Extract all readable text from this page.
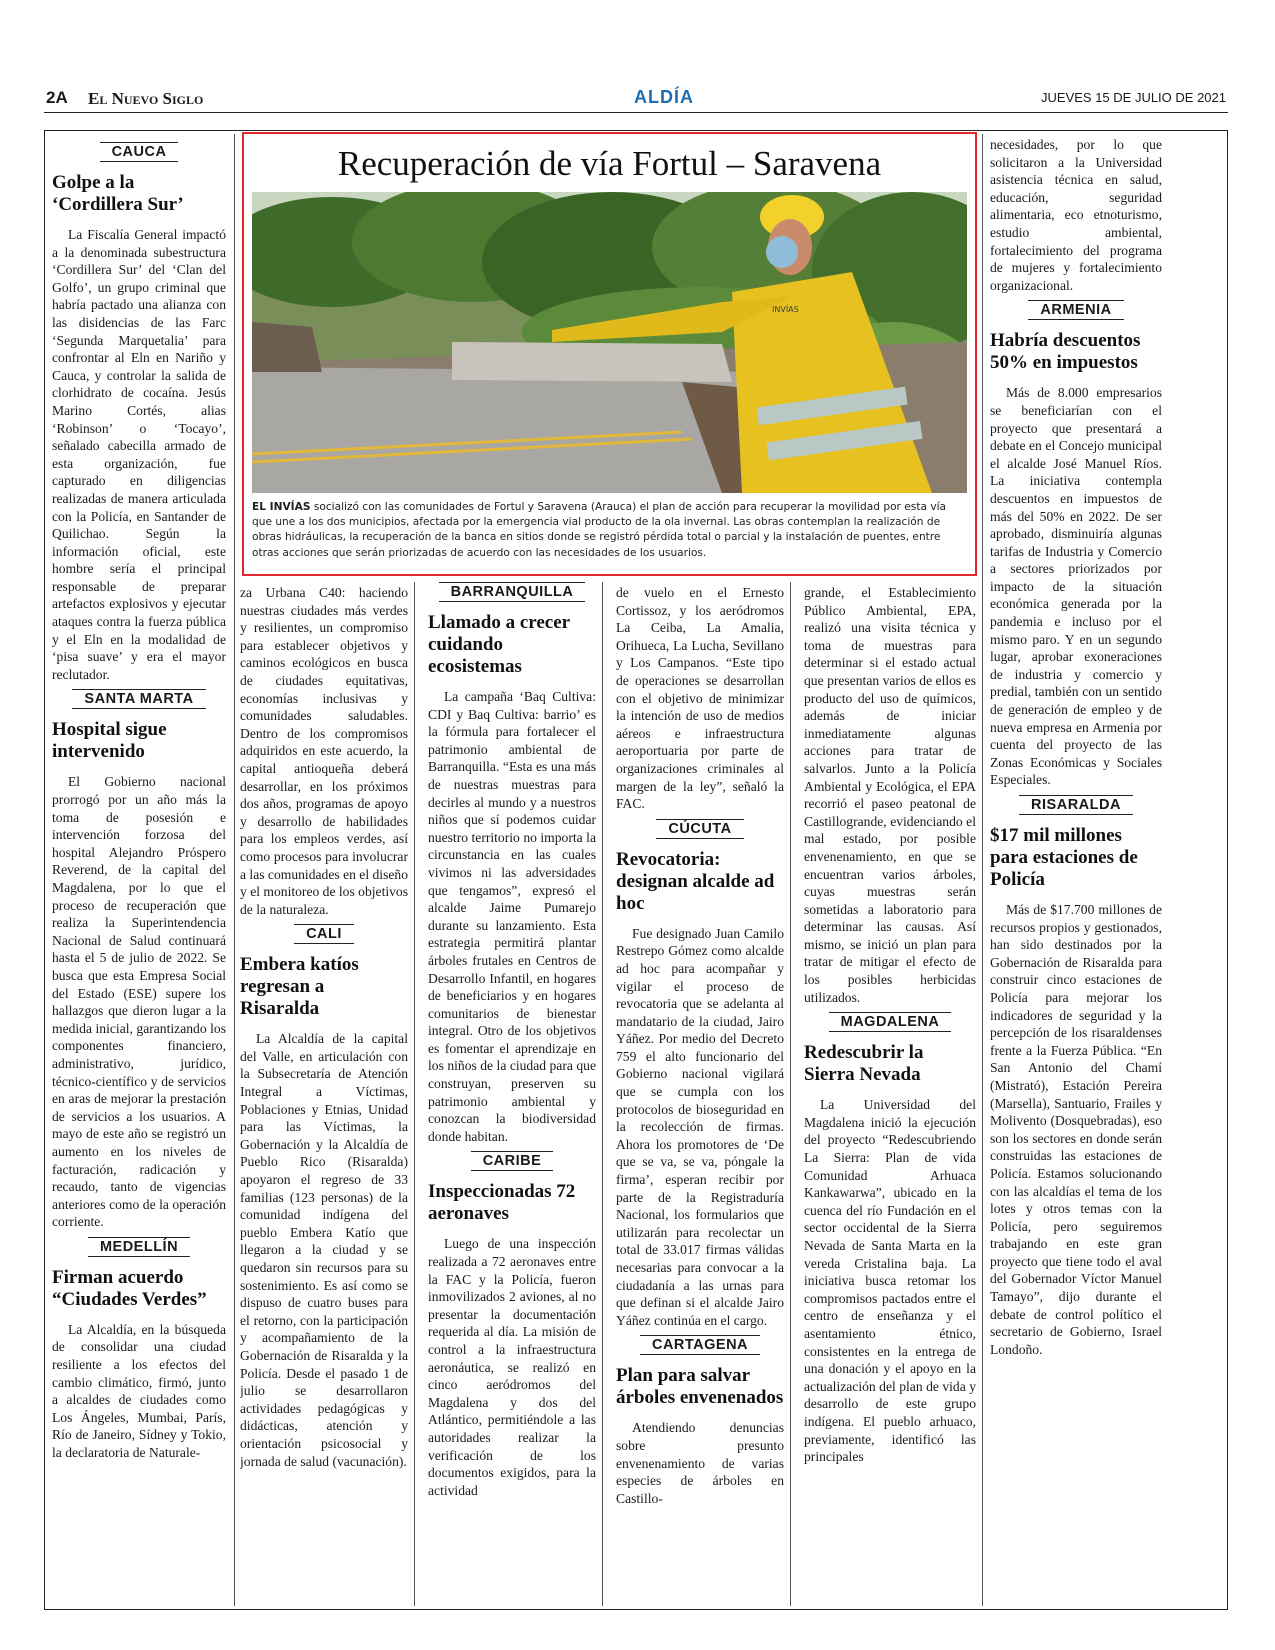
2A El Nuevo Siglo	ALDÍA	JUEVES 15 DE JULIO DE 2021
Recuperación de vía Fortul – Saravena
INVÍAS
EL INVÍAS socializó con las comunidades de Fortul y Saravena (Arauca) el plan de acción para recuperar la movilidad por esta vía que une a los dos municipios, afectada por la emergencia vial producto de la ola invernal. Las obras contemplan la realización de obras hidráulicas, la recuperación de la banca en sitios donde se registró pérdida total o parcial y la instalación de puentes, entre otras acciones que serán priorizadas de acuerdo con las necesidades de los usuarios.
CAUCA
Golpe a la ‘Cordillera Sur’

La Fiscalía General impactó a la denominada subestructura ‘Cordillera Sur’ del ‘Clan del Golfo’, un grupo criminal que habría pactado una alianza con las disidencias de las Farc ‘Segunda Marquetalia’ para confrontar al Eln en Nariño y Cauca, y controlar la salida de clorhidrato de cocaína. Jesús Marino Cortés, alias ‘Robinson’ o ‘Tocayo’, señalado cabecilla armado de esta organización, fue capturado en diligencias realizadas de manera articulada con la Policía, en Santander de Quilichao. Según la información oficial, este hombre sería el principal responsable de preparar artefactos explosivos y ejecutar ataques contra la fuerza pública y el Eln en la modalidad de ‘pisa suave’ y era el mayor reclutador.

SANTA MARTA
Hospital sigue intervenido

El Gobierno nacional prorrogó por un año más la toma de posesión e intervención forzosa del hospital Alejandro Próspero Reverend, de la capital del Magdalena, por lo que el proceso de recuperación que realiza la Superintendencia Nacional de Salud continuará hasta el 5 de julio de 2022. Se busca que esta Empresa Social del Estado (ESE) supere los hallazgos que dieron lugar a la medida inicial, garantizando los componentes financiero, administrativo, jurídico, técnico-científico y de servicios en aras de mejorar la prestación de servicios a los usuarios. A mayo de este año se registró un aumento en los niveles de facturación, radicación y recaudo, tanto de vigencias anteriores como de la operación corriente.

MEDELLÍN
Firman acuerdo “Ciudades Verdes”

La Alcaldía, en la búsqueda de consolidar una ciudad resiliente a los efectos del cambio climático, firmó, junto a alcaldes de ciudades como Los Ángeles, Mumbai, París, Río de Janeiro, Sídney y Tokio, la declaratoria de Naturale-

za Urbana C40: haciendo nuestras ciudades más verdes y resilientes, un compromiso para establecer objetivos y caminos ecológicos en busca de ciudades equitativas, economías inclusivas y comunidades saludables. Dentro de los compromisos adquiridos en este acuerdo, la capital antioqueña deberá desarrollar, en los próximos dos años, programas de apoyo y desarrollo de habilidades para los empleos verdes, así como procesos para involucrar a las comunidades en el diseño y el monitoreo de los objetivos de la naturaleza.

CALI
Embera katíos regresan a Risaralda

La Alcaldía de la capital del Valle, en articulación con la Subsecretaría de Atención Integral a Víctimas, Poblaciones y Etnias, Unidad para las Víctimas, la Gobernación y la Alcaldía de Pueblo Rico (Risaralda) apoyaron el regreso de 33 familias (123 personas) de la comunidad indígena del pueblo Embera Katío que llegaron a la ciudad y se quedaron sin recursos para su sostenimiento. Es así como se dispuso de cuatro buses para el retorno, con la participación y acompañamiento de la Gobernación de Risaralda y la Policía. Desde el pasado 1 de julio se desarrollaron actividades pedagógicas y didácticas, atención y orientación psicosocial y jornada de salud (vacunación).

BARRANQUILLA
Llamado a crecer cuidando ecosistemas

La campaña ‘Baq Cultiva: CDI y Baq Cultiva: barrio’ es la fórmula para fortalecer el patrimonio ambiental de Barranquilla. “Esta es una más de nuestras muestras para decirles al mundo y a nuestros niños que sí podemos cuidar nuestro territorio no importa la circunstancia en las cuales vivimos ni las adversidades que tengamos”, expresó el alcalde Jaime Pumarejo durante su lanzamiento. Esta estrategia permitirá plantar árboles frutales en Centros de Desarrollo Infantil, en hogares de beneficiarios y en hogares comunitarios de bienestar integral. Otro de los objetivos es fomentar el aprendizaje en los niños de la ciudad para que construyan, preserven su patrimonio ambiental y conozcan la biodiversidad donde habitan.

CARIBE
Inspeccionadas 72 aeronaves

Luego de una inspección realizada a 72 aeronaves entre la FAC y la Policía, fueron inmovilizados 2 aviones, al no presentar la documentación requerida al día. La misión de control a la infraestructura aeronáutica, se realizó en cinco aeródromos del Magdalena y dos del Atlántico, permitiéndole a las autoridades realizar la verificación de los documentos exigidos, para la actividad

de vuelo en el Ernesto Cortissoz, y los aeródromos La Ceiba, La Amalia, Orihueca, La Lucha, Sevillano y Los Campanos. “Este tipo de operaciones se desarrollan con el objetivo de minimizar la intención de uso de medios aéreos e infraestructura aeroportuaria por parte de organizaciones criminales al margen de la ley”, señaló la FAC.

CÚCUTA
Revocatoria: designan alcalde ad hoc

Fue designado Juan Camilo Restrepo Gómez como alcalde ad hoc para acompañar y vigilar el proceso de revocatoria que se adelanta al mandatario de la ciudad, Jairo Yáñez. Por medio del Decreto 759 el alto funcionario del Gobierno nacional vigilará que se cumpla con los protocolos de bioseguridad en la recolección de firmas. Ahora los promotores de ‘De que se va, se va, póngale la firma’, esperan recibir por parte de la Registraduría Nacional, los formularios que utilizarán para recolectar un total de 33.017 firmas válidas necesarias para convocar a la ciudadanía a las urnas para que definan si el alcalde Jairo Yáñez continúa en el cargo.

CARTAGENA
Plan para salvar árboles envenenados

Atendiendo denuncias sobre presunto envenenamiento de varias especies de árboles en Castillo-

grande, el Establecimiento Público Ambiental, EPA, realizó una visita técnica y toma de muestras para determinar si el estado actual que presentan varios de ellos es producto del uso de químicos, además de iniciar inmediatamente algunas acciones para tratar de salvarlos. Junto a la Policía Ambiental y Ecológica, el EPA recorrió el paseo peatonal de Castillogrande, evidenciando el mal estado, por posible envenenamiento, en que se encuentran varios árboles, cuyas muestras serán sometidas a laboratorio para determinar las causas. Así mismo, se inició un plan para tratar de mitigar el efecto de los posibles herbicidas utilizados.

MAGDALENA
Redescubrir la Sierra Nevada

La Universidad del Magdalena inició la ejecución del proyecto “Redescubriendo La Sierra: Plan de vida Comunidad Arhuaca Kankawarwa”, ubicado en la cuenca del río Fundación en el sector occidental de la Sierra Nevada de Santa Marta en la vereda Cristalina baja. La iniciativa busca retomar los compromisos pactados entre el centro de enseñanza y el asentamiento étnico, consistentes en la entrega de una donación y el apoyo en la actualización del plan de vida y desarrollo de este grupo indígena. El pueblo arhuaco, previamente, identificó las principales

necesidades, por lo que solicitaron a la Universidad asistencia técnica en salud, educación, seguridad alimentaria, eco etnoturismo, estudio ambiental, fortalecimiento del programa de mujeres y fortalecimiento organizacional.

ARMENIA
Habría descuentos 50% en impuestos

Más de 8.000 empresarios se beneficiarían con el proyecto que presentará a debate en el Concejo municipal el alcalde José Manuel Ríos. La iniciativa contempla descuentos en impuestos de más del 50% en 2022. De ser aprobado, disminuiría algunas tarifas de Industria y Comercio a sectores priorizados por impacto de la situación económica generada por la pandemia e incluso por el mismo paro. Y en un segundo lugar, aprobar exoneraciones de industria y comercio y predial, también con un sentido de generación de empleo y de nueva empresa en Armenia por cuenta del proyecto de las Zonas Económicas y Sociales Especiales.

RISARALDA
$17 mil millones para estaciones de Policía

Más de $17.700 millones de recursos propios y gestionados, han sido destinados por la Gobernación de Risaralda para construir cinco estaciones de Policía para mejorar los indicadores de seguridad y la percepción de los risaraldenses frente a la Fuerza Pública. “En San Antonio del Chamí (Mistrató), Estación Pereira (Marsella), Santuario, Frailes y Molivento (Dosquebradas), eso son los sectores en donde serán construidas las estaciones de Policía. Estamos solucionando con las alcaldías el tema de los lotes y otros temas con la Policía, pero seguiremos trabajando en este gran proyecto que tiene todo el aval del Gobernador Víctor Manuel Tamayo”, dijo durante el debate de control político el secretario de Gobierno, Israel Londoño.
